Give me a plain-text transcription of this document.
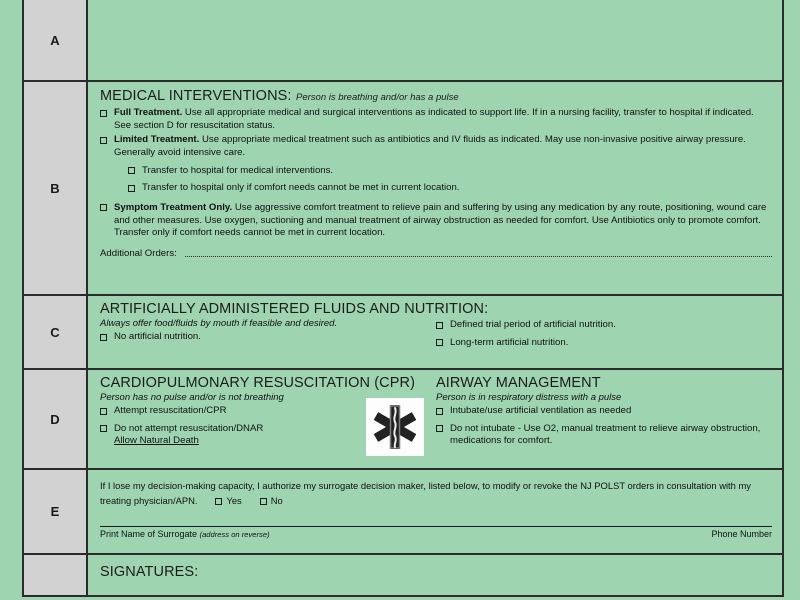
A
B
MEDICAL INTERVENTIONS: Person is breathing and/or has a pulse
Full Treatment. Use all appropriate medical and surgical interventions as indicated to support life. If in a nursing facility, transfer to hospital if indicated. See section D for resuscitation status.
Limited Treatment. Use appropriate medical treatment such as antibiotics and IV fluids as indicated. May use non-invasive positive airway pressure. Generally avoid intensive care.
Transfer to hospital for medical interventions.
Transfer to hospital only if comfort needs cannot be met in current location.
Symptom Treatment Only. Use aggressive comfort treatment to relieve pain and suffering by using any medication by any route, positioning, wound care and other measures. Use oxygen, suctioning and manual treatment of airway obstruction as needed for comfort. Use Antibiotics only to promote comfort. Transfer only if comfort needs cannot be met in current location.
Additional Orders:
C
ARTIFICIALLY ADMINISTERED FLUIDS AND NUTRITION:
Always offer food/fluids by mouth if feasible and desired.
No artificial nutrition.
Defined trial period of artificial nutrition.
Long-term artificial nutrition.
D
CARDIOPULMONARY RESUSCITATION (CPR)
Person has no pulse and/or is not breathing
Attempt resuscitation/CPR
Do not attempt resuscitation/DNAR
Allow Natural Death
AIRWAY MANAGEMENT
Person is in respiratory distress with a pulse
Intubate/use artificial ventilation as needed
Do not intubate - Use O2, manual treatment to relieve airway obstruction, medications for comfort.
E
If I lose my decision-making capacity, I authorize my surrogate decision maker, listed below, to modify or revoke the NJ POLST orders in consultation with my treating physician/APN.	Yes	No
Print Name of Surrogate (address on reverse)	Phone Number
SIGNATURES:
